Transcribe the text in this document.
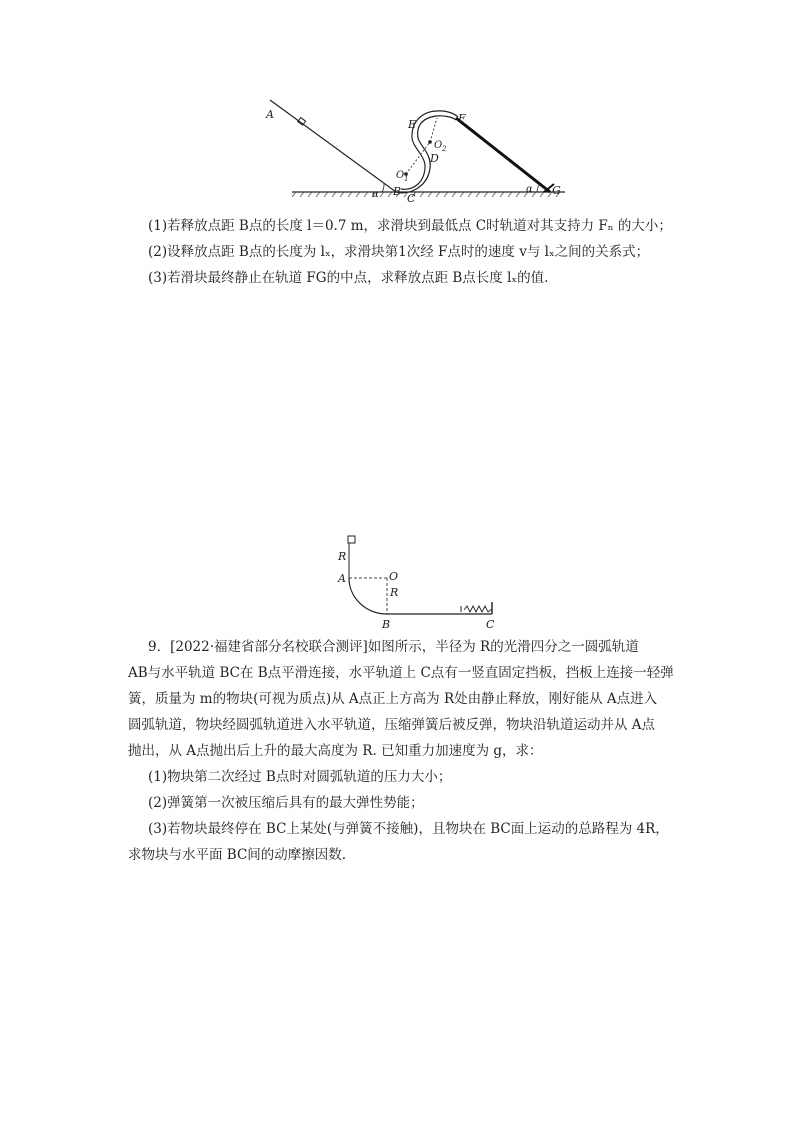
A
E	F
O 2
D
O 1
α B
C
α G

(1)若释放点距 B点的长度 l＝0.7 m，求滑块到最低点 C时轨道对其支持力 Fₙ 的大小；

(2)设释放点距 B点的长度为 lₓ，求滑块第1次经 F点时的速度 v与 lₓ之间的关系式；

(3)若滑块最终静止在轨道 FG的中点，求释放点距 B点长度 lₓ的值.

R
A	O
R
B	C

9．[2022·福建省部分名校联合测评]如图所示，半径为 R的光滑四分之一圆弧轨道

AB与水平轨道 BC在 B点平滑连接，水平轨道上 C点有一竖直固定挡板，挡板上连接一轻弹

簧，质量为 m的物块(可视为质点)从 A点正上方高为 R处由静止释放，刚好能从 A点进入

圆弧轨道，物块经圆弧轨道进入水平轨道，压缩弹簧后被反弹，物块沿轨道运动并从 A点

抛出，从 A点抛出后上升的最大高度为 R. 已知重力加速度为 g，求：

(1)物块第二次经过 B点时对圆弧轨道的压力大小；

(2)弹簧第一次被压缩后具有的最大弹性势能；

(3)若物块最终停在 BC上某处(与弹簧不接触)，且物块在 BC面上运动的总路程为 4R，

求物块与水平面 BC间的动摩擦因数.
